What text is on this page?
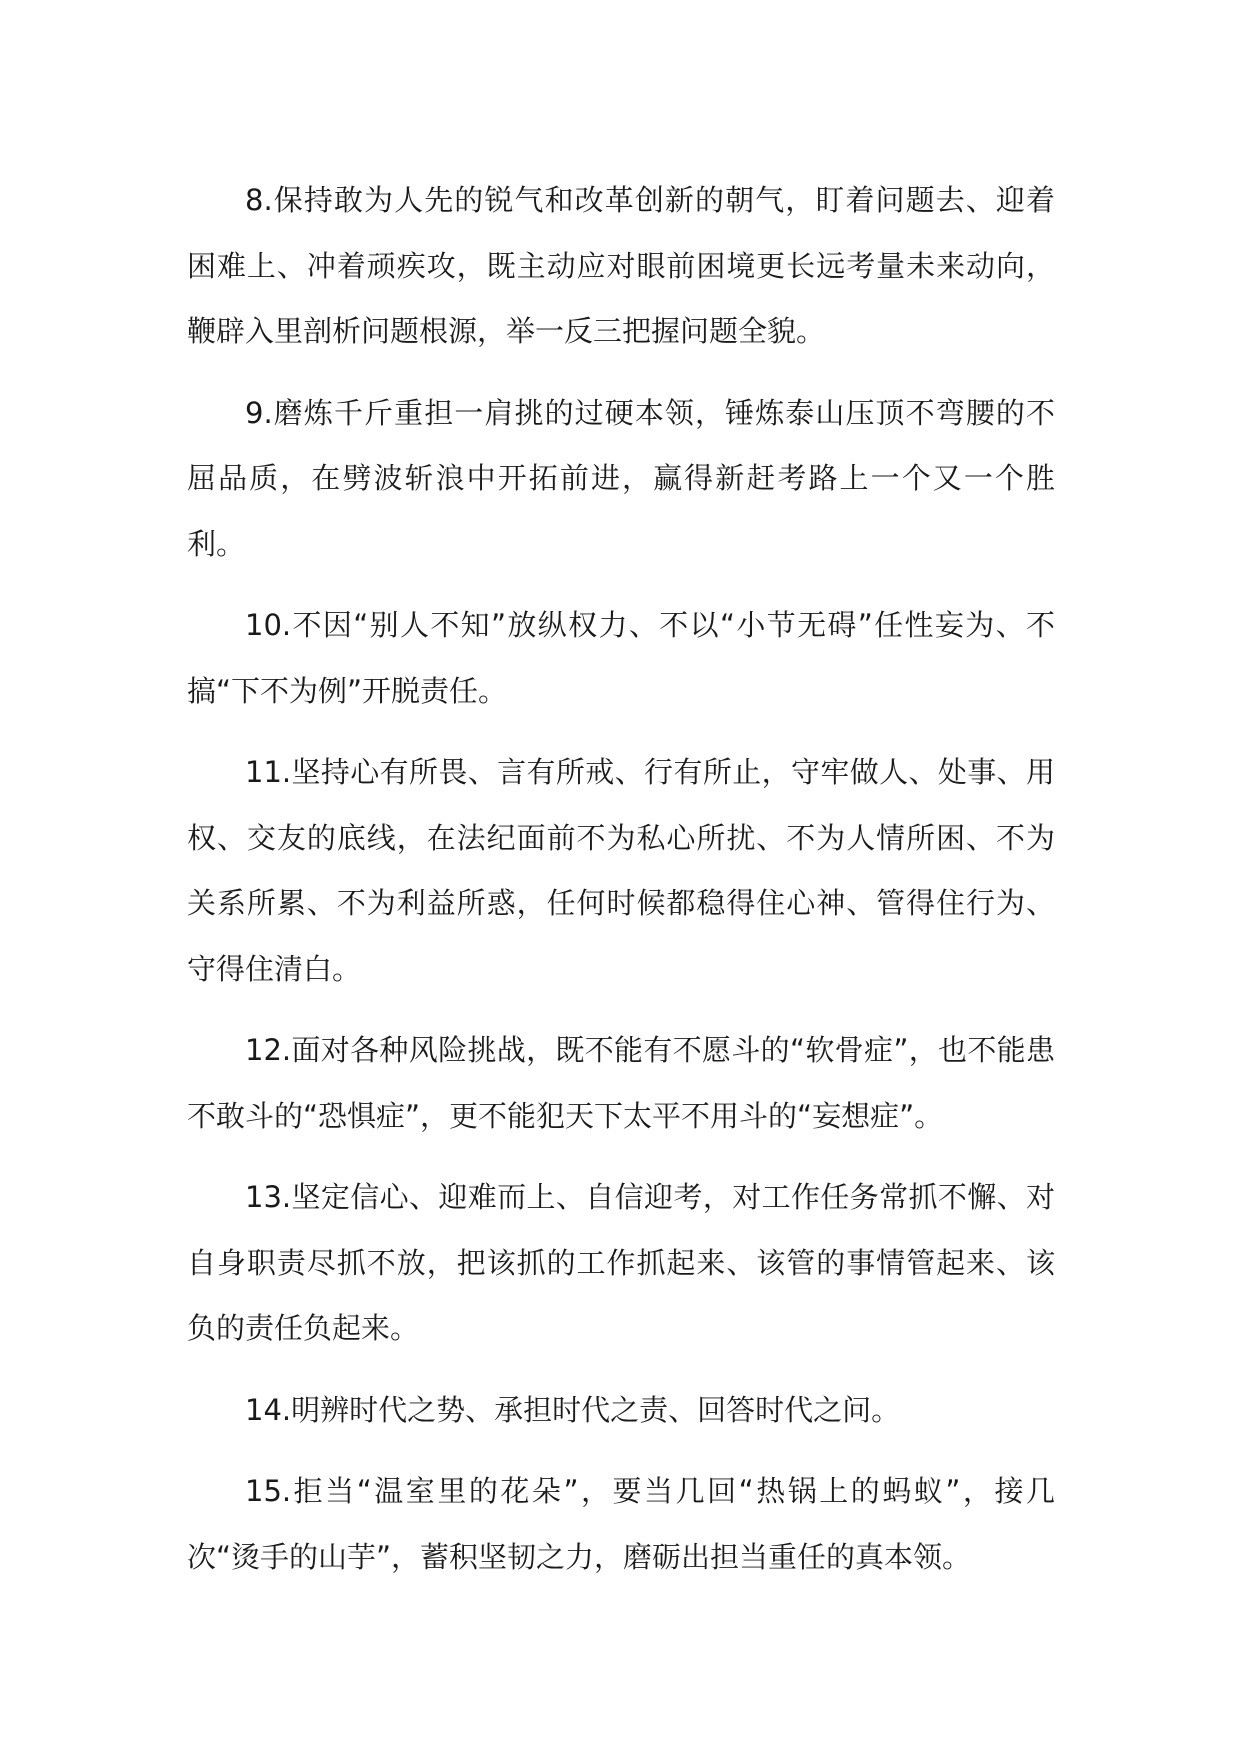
8.保持敢为人先的锐气和改革创新的朝气，盯着问题去、迎着困难上、冲着顽疾攻，既主动应对眼前困境更长远考量未来动向，鞭辟入里剖析问题根源，举一反三把握问题全貌。

9.磨炼千斤重担一肩挑的过硬本领，锤炼泰山压顶不弯腰的不屈品质，在劈波斩浪中开拓前进，赢得新赶考路上一个又一个胜利。

10.不因“别人不知”放纵权力、不以“小节无碍”任性妄为、不搞“下不为例”开脱责任。

11.坚持心有所畏、言有所戒、行有所止，守牢做人、处事、用权、交友的底线，在法纪面前不为私心所扰、不为人情所困、不为关系所累、不为利益所惑，任何时候都稳得住心神、管得住行为、守得住清白。

12.面对各种风险挑战，既不能有不愿斗的“软骨症”，也不能患不敢斗的“恐惧症”，更不能犯天下太平不用斗的“妄想症”。

13.坚定信心、迎难而上、自信迎考，对工作任务常抓不懈、对自身职责尽抓不放，把该抓的工作抓起来、该管的事情管起来、该负的责任负起来。

14.明辨时代之势、承担时代之责、回答时代之问。

15.拒当“温室里的花朵”，要当几回“热锅上的蚂蚁”，接几次“烫手的山芋”，蓄积坚韧之力，磨砺出担当重任的真本领。
